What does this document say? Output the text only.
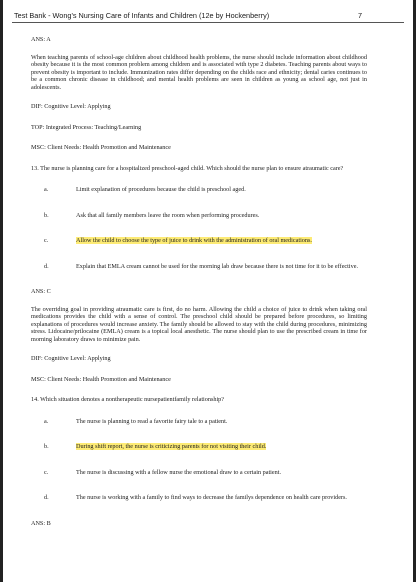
Test Bank - Wong's Nursing Care of Infants and Children (12e by Hockenberry)	7

ANS: A

When teaching parents of school-age children about childhood health problems, the nurse should include information about childhood obesity because it is the most common problem among children and is associated with type 2 diabetes. Teaching parents about ways to prevent obesity is important to include. Immunization rates differ depending on the childs race and ethnicity; dental caries continues to be a common chronic disease in childhood; and mental health problems are seen in children as young as school age, not just in adolescents.

DIF: Cognitive Level: Applying

TOP: Integrated Process: Teaching/Learning

MSC: Client Needs: Health Promotion and Maintenance

13. The nurse is planning care for a hospitalized preschool-aged child. Which should the nurse plan to ensure atraumatic care?

a.	Limit explanation of procedures because the child is preschool aged.
b.	Ask that all family members leave the room when performing procedures.
c.	Allow the child to choose the type of juice to drink with the administration of oral medications.
d.	Explain that EMLA cream cannot be used for the morning lab draw because there is not time for it to be effective.

ANS: C

The overriding goal in providing atraumatic care is first, do no harm. Allowing the child a choice of juice to drink when taking oral medications provides the child with a sense of control. The preschool child should be prepared before procedures, so limiting explanations of procedures would increase anxiety. The family should be allowed to stay with the child during procedures, minimizing stress. Lidocaine/prilocaine (EMLA) cream is a topical local anesthetic. The nurse should plan to use the prescribed cream in time for morning laboratory draws to minimize pain.

DIF: Cognitive Level: Applying

MSC: Client Needs: Health Promotion and Maintenance

14. Which situation denotes a nontherapeutic nursepatientfamily relationship?

a.	The nurse is planning to read a favorite fairy tale to a patient.
b.	During shift report, the nurse is criticizing parents for not visiting their child.
c.	The nurse is discussing with a fellow nurse the emotional draw to a certain patient.
d.	The nurse is working with a family to find ways to decrease the familys dependence on health care providers.

ANS: B
